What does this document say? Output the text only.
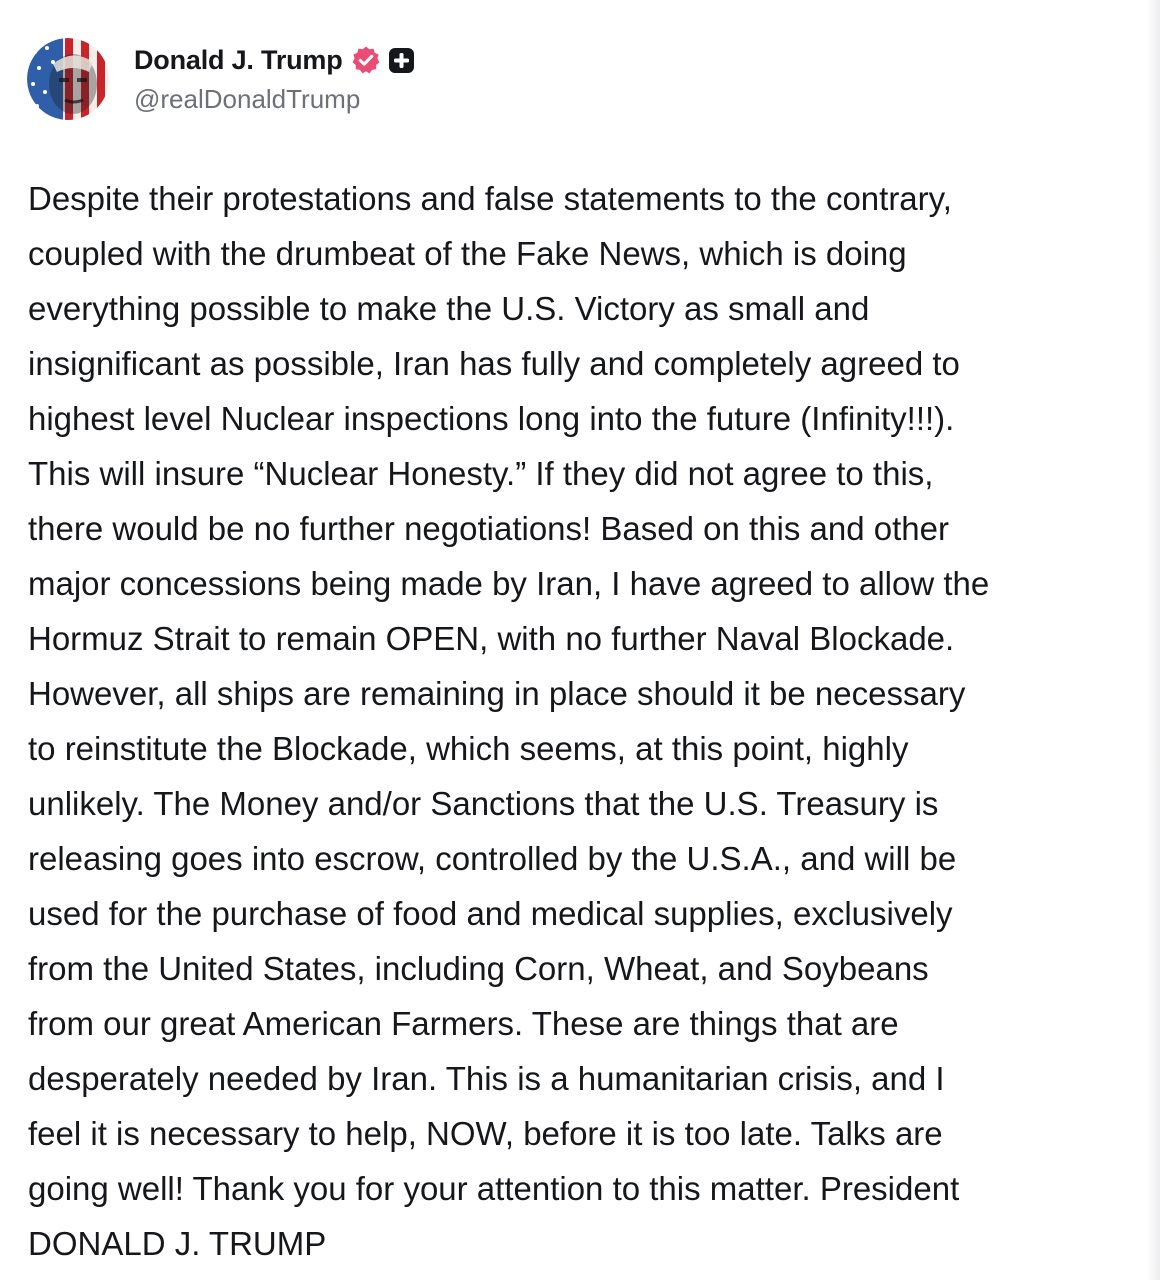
Donald J. Trump
@realDonaldTrump
Despite their protestations and false statements to the contrary,
coupled with the drumbeat of the Fake News, which is doing
everything possible to make the U.S. Victory as small and
insignificant as possible, Iran has fully and completely agreed to
highest level Nuclear inspections long into the future (Infinity!!!).
This will insure “Nuclear Honesty.” If they did not agree to this,
there would be no further negotiations! Based on this and other
major concessions being made by Iran, I have agreed to allow the
Hormuz Strait to remain OPEN, with no further Naval Blockade.
However, all ships are remaining in place should it be necessary
to reinstitute the Blockade, which seems, at this point, highly
unlikely. The Money and/or Sanctions that the U.S. Treasury is
releasing goes into escrow, controlled by the U.S.A., and will be
used for the purchase of food and medical supplies, exclusively
from the United States, including Corn, Wheat, and Soybeans
from our great American Farmers. These are things that are
desperately needed by Iran. This is a humanitarian crisis, and I
feel it is necessary to help, NOW, before it is too late. Talks are
going well! Thank you for your attention to this matter. President
DONALD J. TRUMP
